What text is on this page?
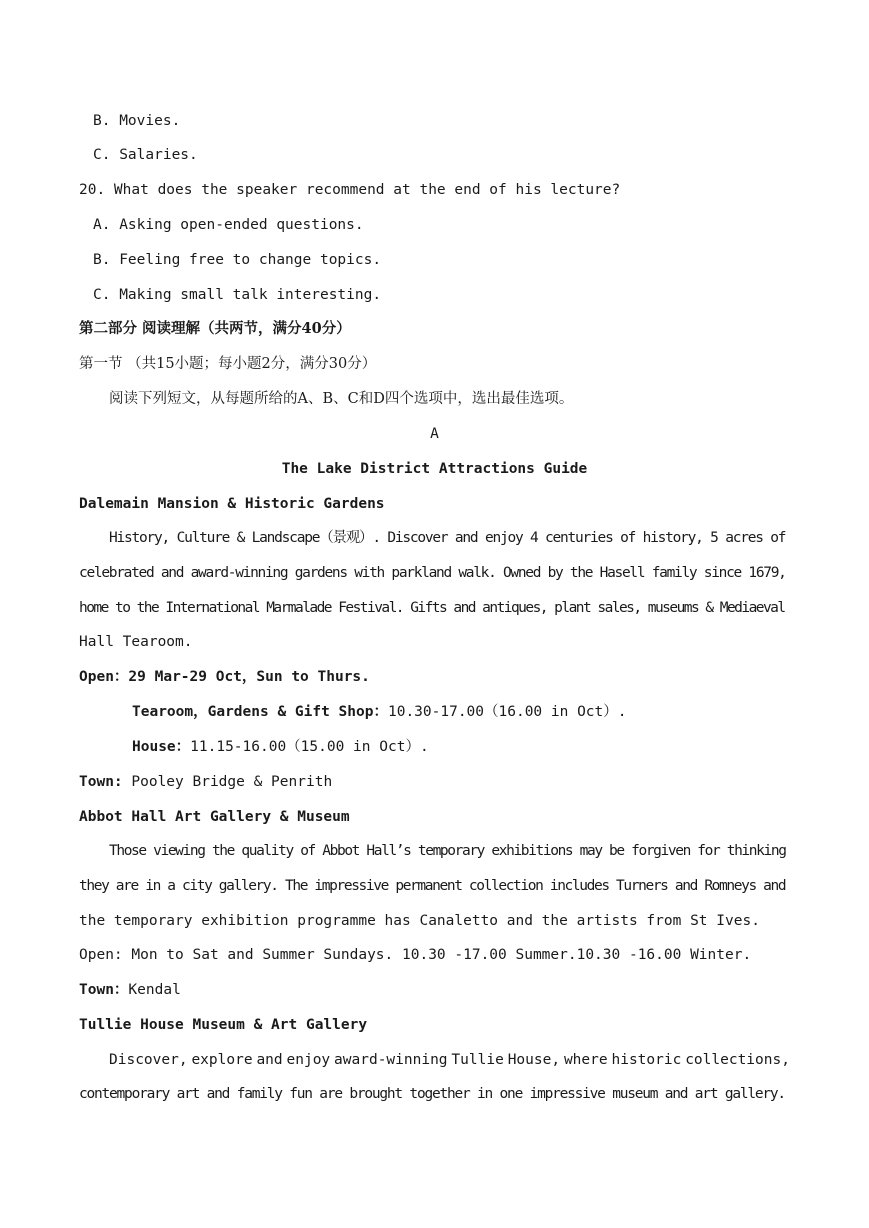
B. Movies.
C. Salaries.
20. What does the speaker recommend at the end of his lecture?
A. Asking open-ended questions.
B. Feeling free to change topics.
C. Making small talk interesting.
第二部分 阅读理解（共两节，满分40分）
第一节 （共15小题；每小题2分，满分30分）
阅读下列短文，从每题所给的A、B、C和D四个选项中，选出最佳选项。
A
The Lake District Attractions Guide
Dalemain Mansion & Historic Gardens
History, Culture & Landscape（景观）. Discover and enjoy 4 centuries of history, 5 acres of
celebrated and award-winning gardens with parkland walk. Owned by the Hasell family since 1679,
home to the International Marmalade Festival. Gifts and antiques, plant sales, museums & Mediaeval
Hall Tearoom.
Open：29 Mar-29 Oct，Sun to Thurs.
Tearoom，Gardens & Gift Shop：10.30-17.00（16.00 in Oct）.
House：11.15-16.00（15.00 in Oct）.
Town: Pooley Bridge & Penrith
Abbot Hall Art Gallery & Museum
Those viewing the quality of Abbot Hall’s temporary exhibitions may be forgiven for thinking
they are in a city gallery. The impressive permanent collection includes Turners and Romneys and
the temporary exhibition programme has Canaletto and the artists from St Ives.
Open: Mon to Sat and Summer Sundays. 10.30 -17.00 Summer.10.30 -16.00 Winter.
Town：Kendal
Tullie House Museum & Art Gallery
Discover, explore and enjoy award-winning Tullie House, where historic collections,
contemporary art and family fun are brought together in one impressive museum and art gallery.
